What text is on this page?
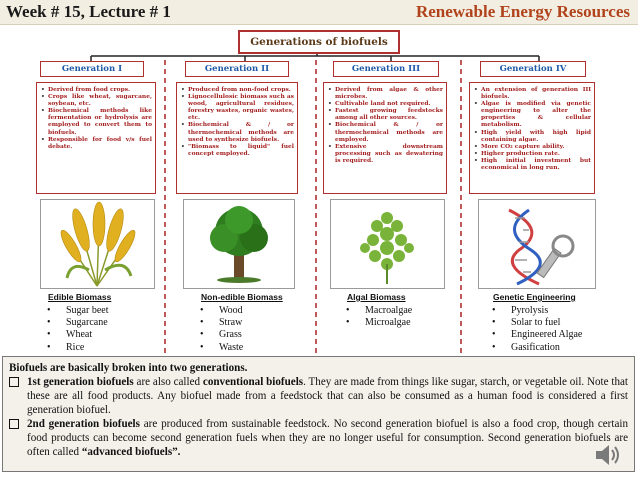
Week # 15, Lecture # 1	Renewable Energy Resources
Generations of biofuels
Generation I	Generation II	Generation III	Generation IV
• Derived from food crops.
• Crops like wheat, sugarcane, soybean, etc.
• Biochemical methods like fermentation or hydrolysis are employed to convert them to biofuels.
• Responsible for food v/s fuel debate.
• Produced from non-food crops.
• Lignocellulosic biomass such as wood, agricultural residues, forestry wastes, organic wastes, etc.
• Biochemical & / or thermochemical methods are used to synthesize biofuels.
• "Biomass to liquid" fuel concept employed.
• Derived from algae & other microbes.
• Cultivable land not required.
• Fastest growing feedstocks among all other sources.
• Biochemical & / or thermochemical methods are employed.
• Extensive downstream processing such as dewatering is required.
• An extension of generation III biofuels.
• Algae is modified via genetic engineering to alter the properties & cellular metabolism.
• High yield with high lipid containing algae.
• More CO₂ capture ability.
• Higher production rate.
• High initial investment but economical in long run.
Edible Biomass
• Sugar beet
• Sugarcane
• Wheat
• Rice
Non-edible Biomass
• Wood
• Straw
• Grass
• Waste
Algal Biomass
• Macroalgae
• Microalgae
Genetic Engineering
• Pyrolysis
• Solar to fuel
• Engineered Algae
• Gasification

Biofuels are basically broken into two generations.

1st generation biofuels are also called conventional biofuels. They are made from things like sugar, starch, or vegetable oil. Note that these are all food products. Any biofuel made from a feedstock that can also be consumed as a human food is considered a first generation biofuel.

2nd generation biofuels are produced from sustainable feedstock. No second generation biofuel is also a food crop, though certain food products can become second generation fuels when they are no longer useful for consumption. Second generation biofuels are often called “advanced biofuels”.
